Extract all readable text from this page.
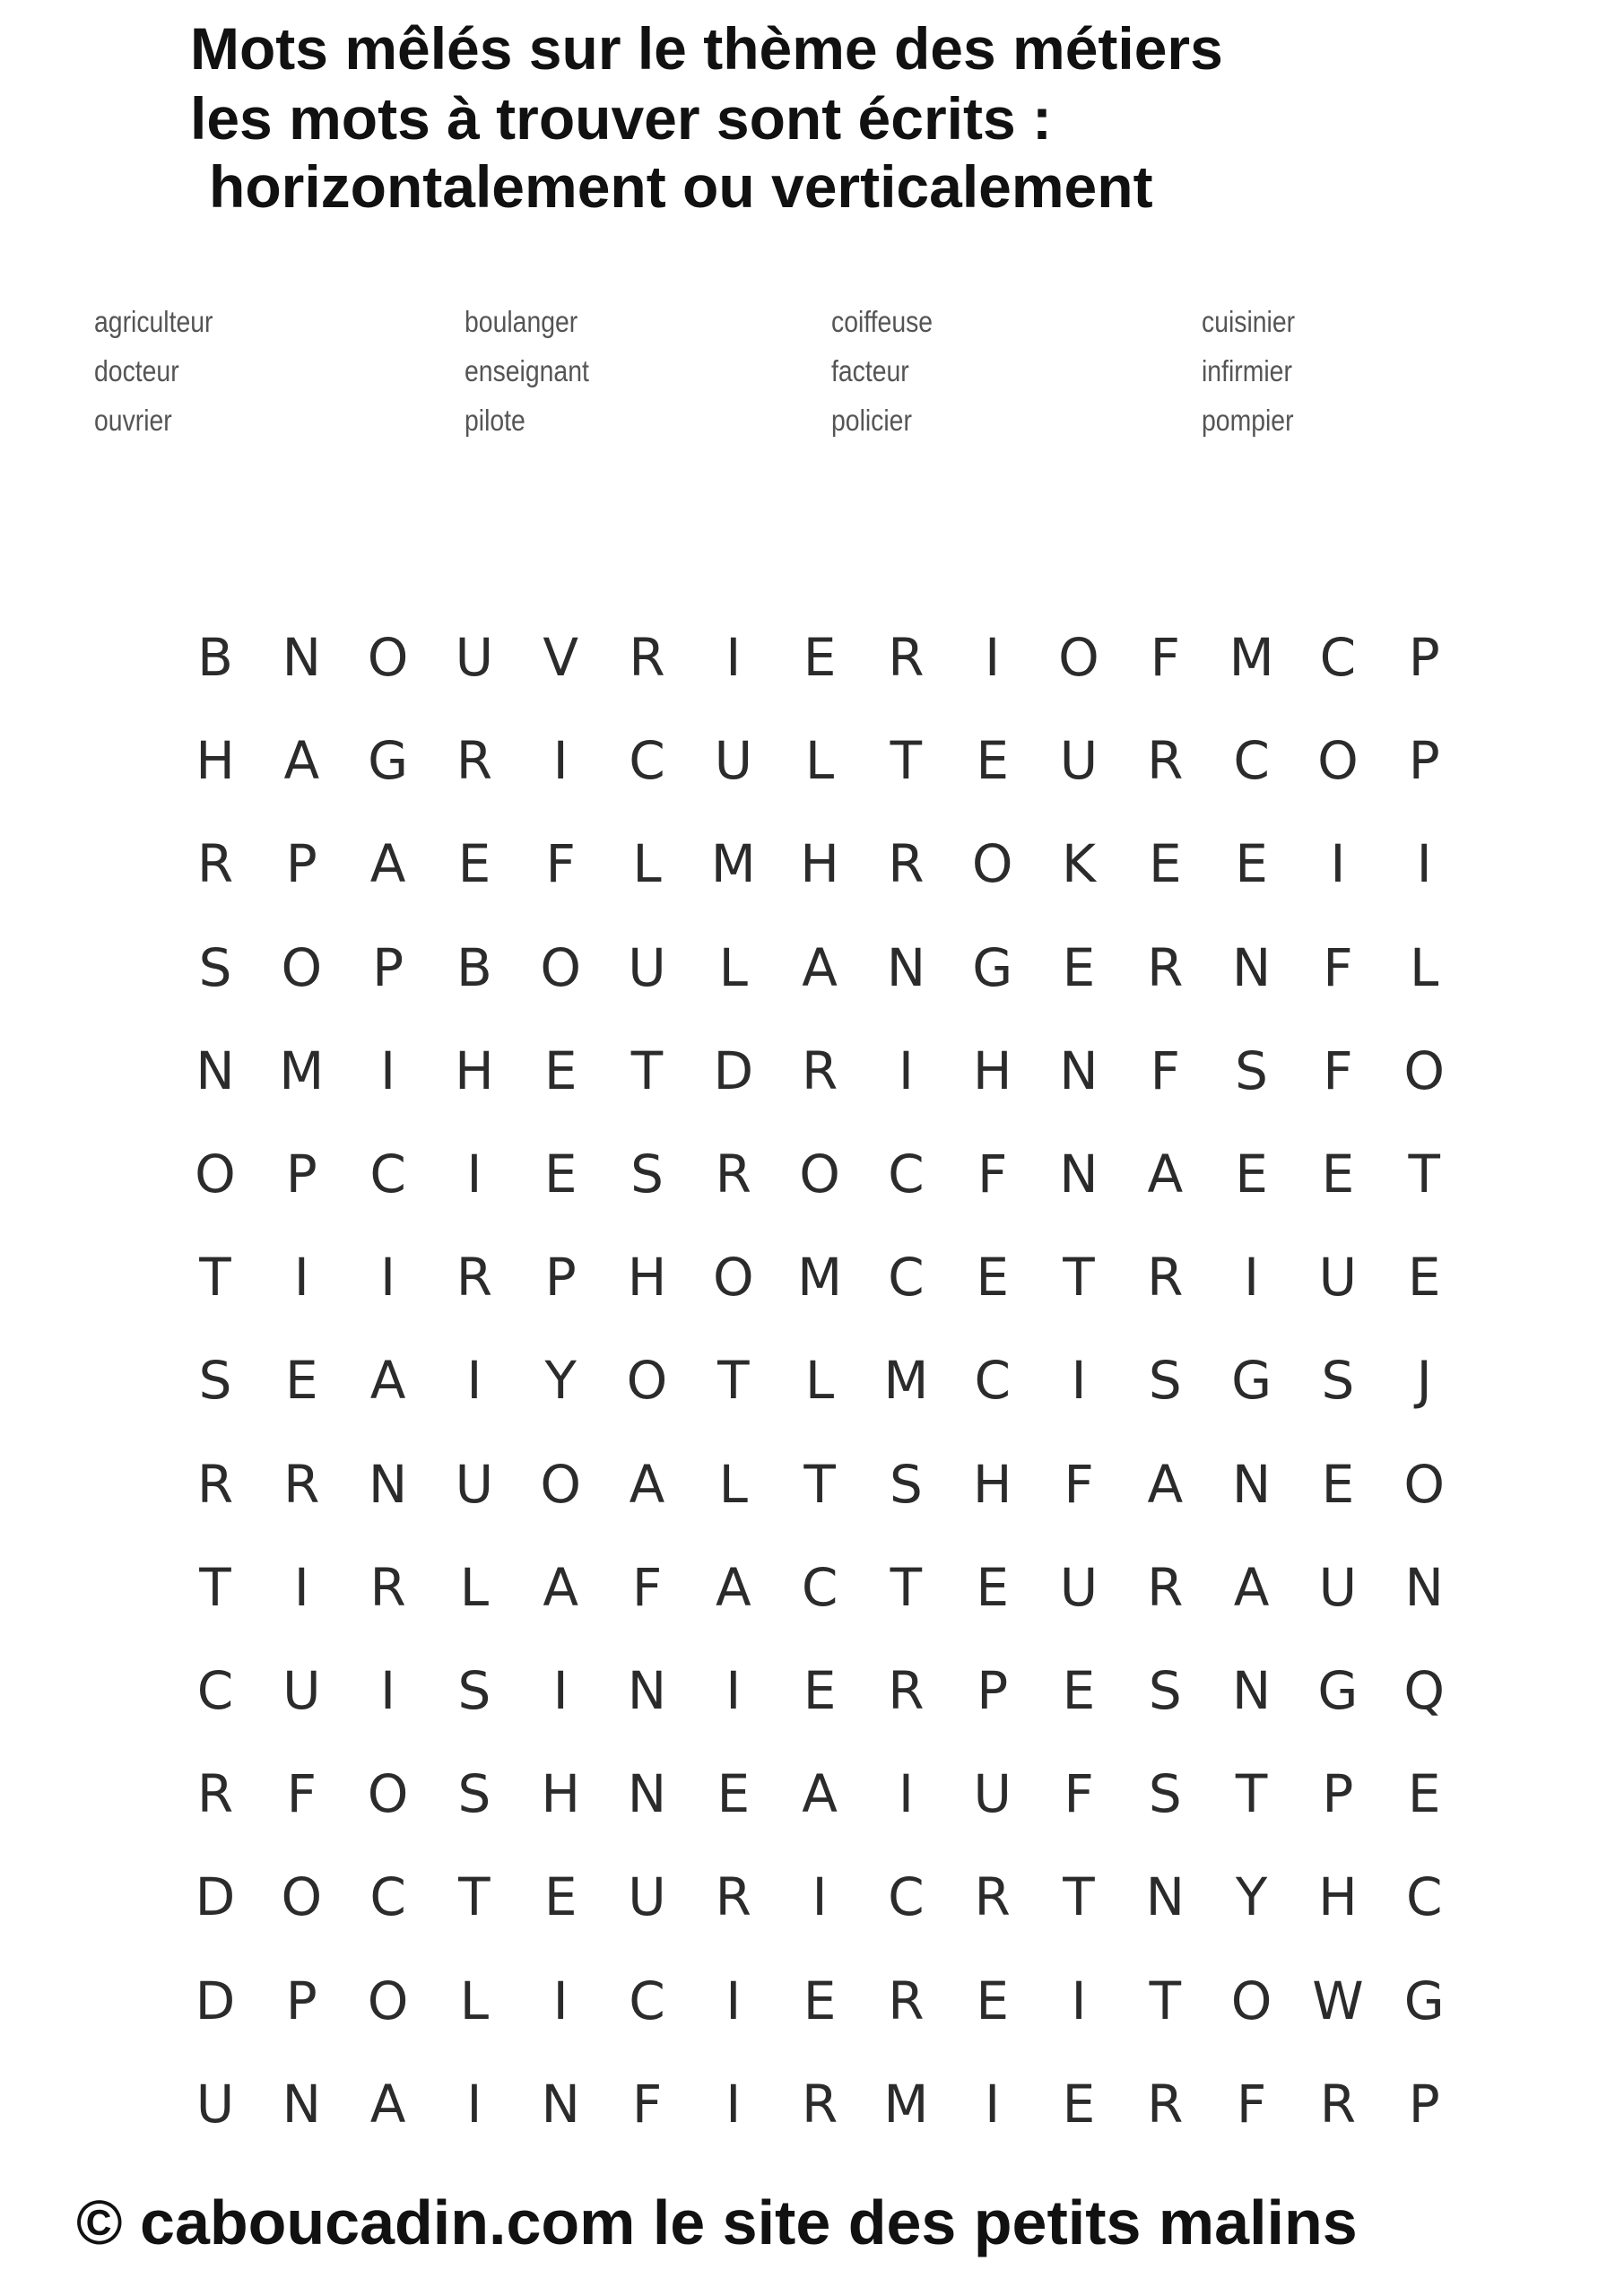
Mots mêlés sur le thème des métiers
les mots à trouver sont écrits :
horizontalement ou verticalement
agriculteur	boulanger	coiffeuse	cuisinier
docteur	enseignant	facteur	infirmier
ouvrier	pilote	policier	pompier
B N O U V R	I	E R	I	O F M C	P
H A G R	I	C U	L	T	E U R C O P
R	P	A	E	F	L M H R O K	E	E	I	I
S O P	B O U	L	A N G E R N F	L
N M	I	H E	T D R	I	H N F	S	F O
O P	C	I	E	S R O C	F N A	E	E	T
T	I	I	R	P H O M C E	T	R	I	U E
S	E	A	I	Y O T	L M C	I	S G S	J
R R N U O A	L	T	S H F	A N E O
T	I	R	L	A	F	A C	T	E U R A U N
C U	I	S	I	N	I	E R	P	E	S N G Q
R	F O S H N E	A	I	U	F	S	T	P	E
D O C	T	E U R	I	C R	T N Y H C
D P O L	I	C	I	E R E	I	T O W G
U N A	I	N F	I	R M	I	E R	F	R	P
© caboucadin.com le site des petits malins
